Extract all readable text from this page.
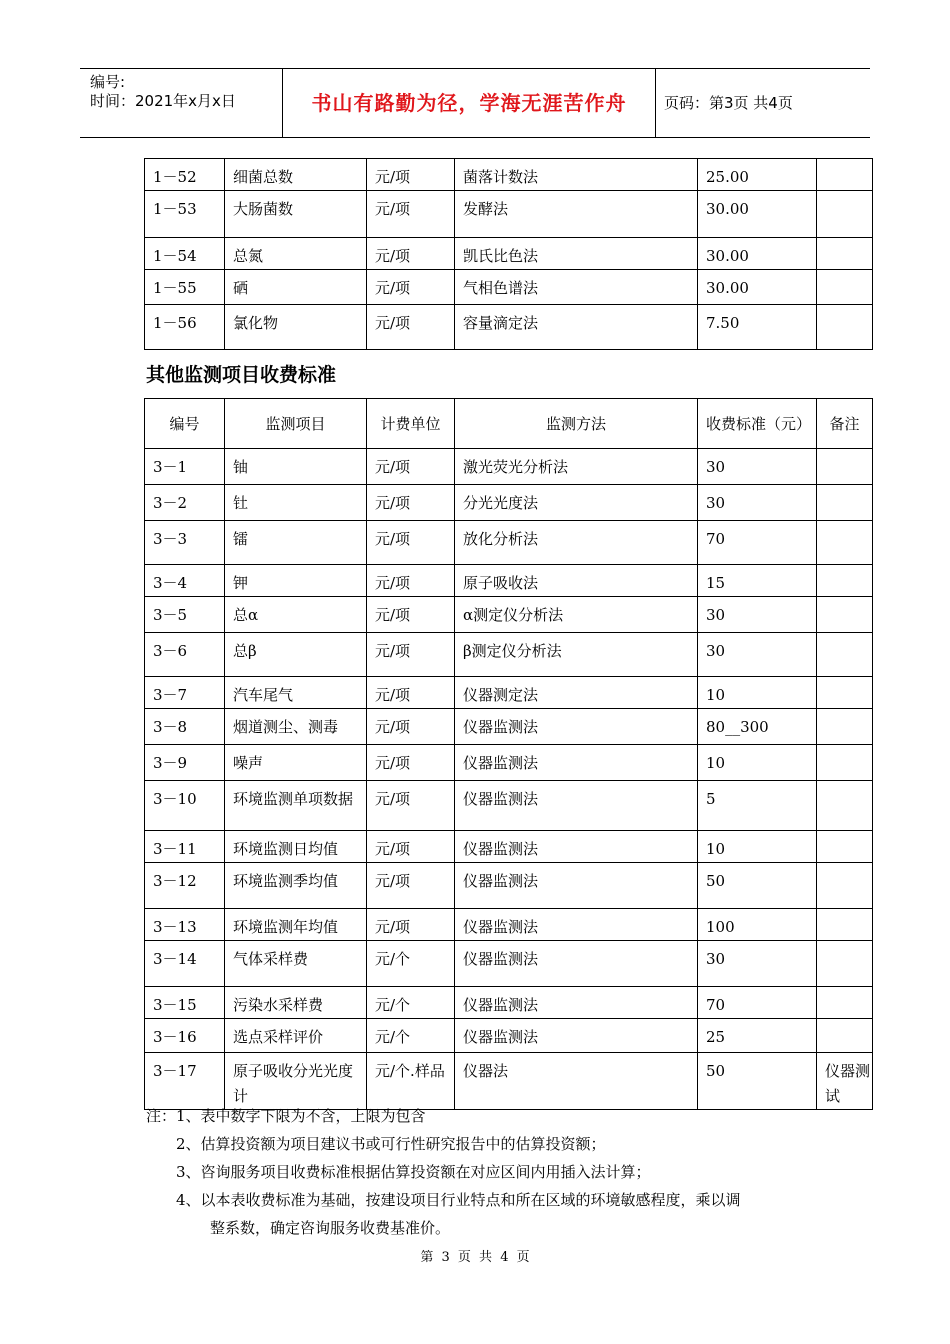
编号:
时间：2021年x月x日	书山有路勤为径，学海无涯苦作舟	页码：第3页 共4页
1－52	细菌总数	元/项	菌落计数法	25.00	
1－53	大肠菌数	元/项	发酵法	30.00	
1－54	总氮	元/项	凯氏比色法	30.00	
1－55	硒	元/项	气相色谱法	30.00	
1－56	氯化物	元/项	容量滴定法	7.50	
其他监测项目收费标准
编号	监测项目	计费单位	监测方法	收费标准（元）	备注
3－1	铀	元/项	激光荧光分析法	30	
3－2	钍	元/项	分光光度法	30	
3－3	镭	元/项	放化分析法	70	
3－4	钾	元/项	原子吸收法	15	
3－5	总α	元/项	α测定仪分析法	30	
3－6	总β	元/项	β测定仪分析法	30	
3－7	汽车尾气	元/项	仪器测定法	10	
3－8	烟道测尘、测毒	元/项	仪器监测法	80__300	
3－9	噪声	元/项	仪器监测法	10	
3－10	环境监测单项数据	元/项	仪器监测法	5	
3－11	环境监测日均值	元/项	仪器监测法	10	
3－12	环境监测季均值	元/项	仪器监测法	50	
3－13	环境监测年均值	元/项	仪器监测法	100	
3－14	气体采样费	元/个	仪器监测法	30	
3－15	污染水采样费	元/个	仪器监测法	70	
3－16	选点采样评价	元/个	仪器监测法	25	
3－17	原子吸收分光光度计	元/个.样品	仪器法	50	仪器测试
注：1、表中数字下限为不含，上限为包含
2、估算投资额为项目建议书或可行性研究报告中的估算投资额；
3、咨询服务项目收费标准根据估算投资额在对应区间内用插入法计算；
4、以本表收费标准为基础，按建设项目行业特点和所在区域的环境敏感程度，乘以调
整系数，确定咨询服务收费基准价。
第 3 页 共 4 页
